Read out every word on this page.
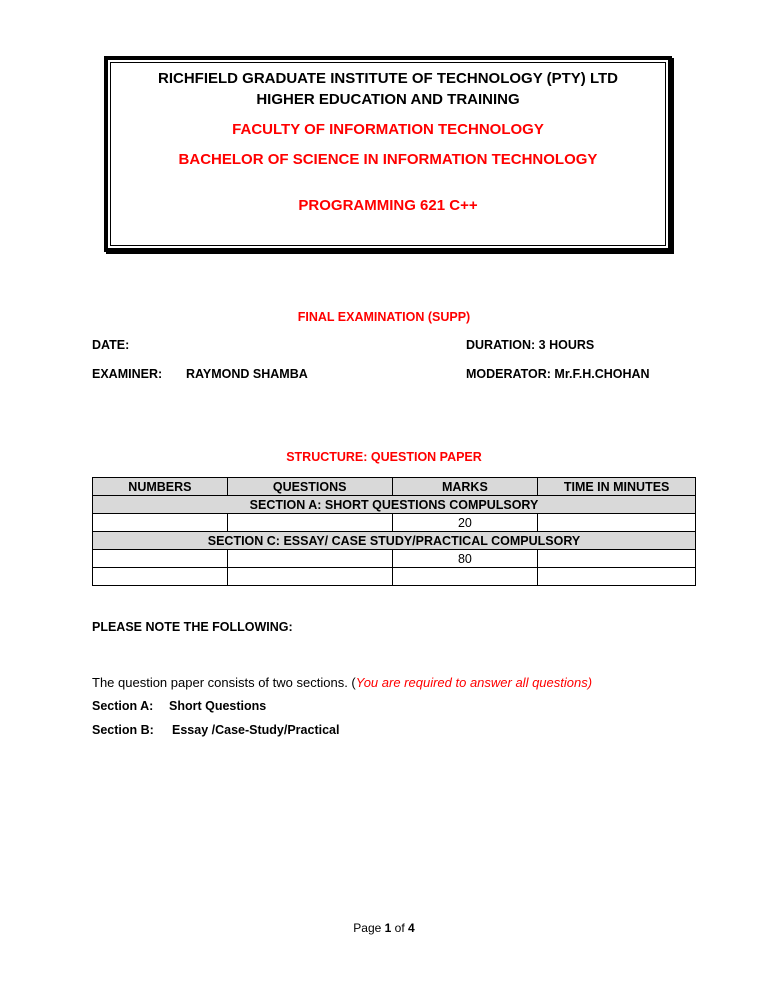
RICHFIELD GRADUATE INSTITUTE OF TECHNOLOGY (PTY) LTD
HIGHER EDUCATION AND TRAINING
FACULTY OF INFORMATION TECHNOLOGY
BACHELOR OF SCIENCE IN INFORMATION TECHNOLOGY
PROGRAMMING 621 C++
FINAL EXAMINATION (SUPP)
DATE:	DURATION: 3 HOURS
EXAMINER: RAYMOND SHAMBA	MODERATOR: Mr.F.H.CHOHAN
STRUCTURE: QUESTION PAPER
NUMBERS	QUESTIONS	MARKS	TIME IN MINUTES
SECTION A: SHORT QUESTIONS COMPULSORY			
		20	
SECTION C: ESSAY/ CASE STUDY/PRACTICAL COMPULSORY			
		80	

PLEASE NOTE THE FOLLOWING:
The question paper consists of two sections. (You are required to answer all questions)
Section A: Short Questions
Section B: Essay /Case-Study/Practical
Page 1 of 4
